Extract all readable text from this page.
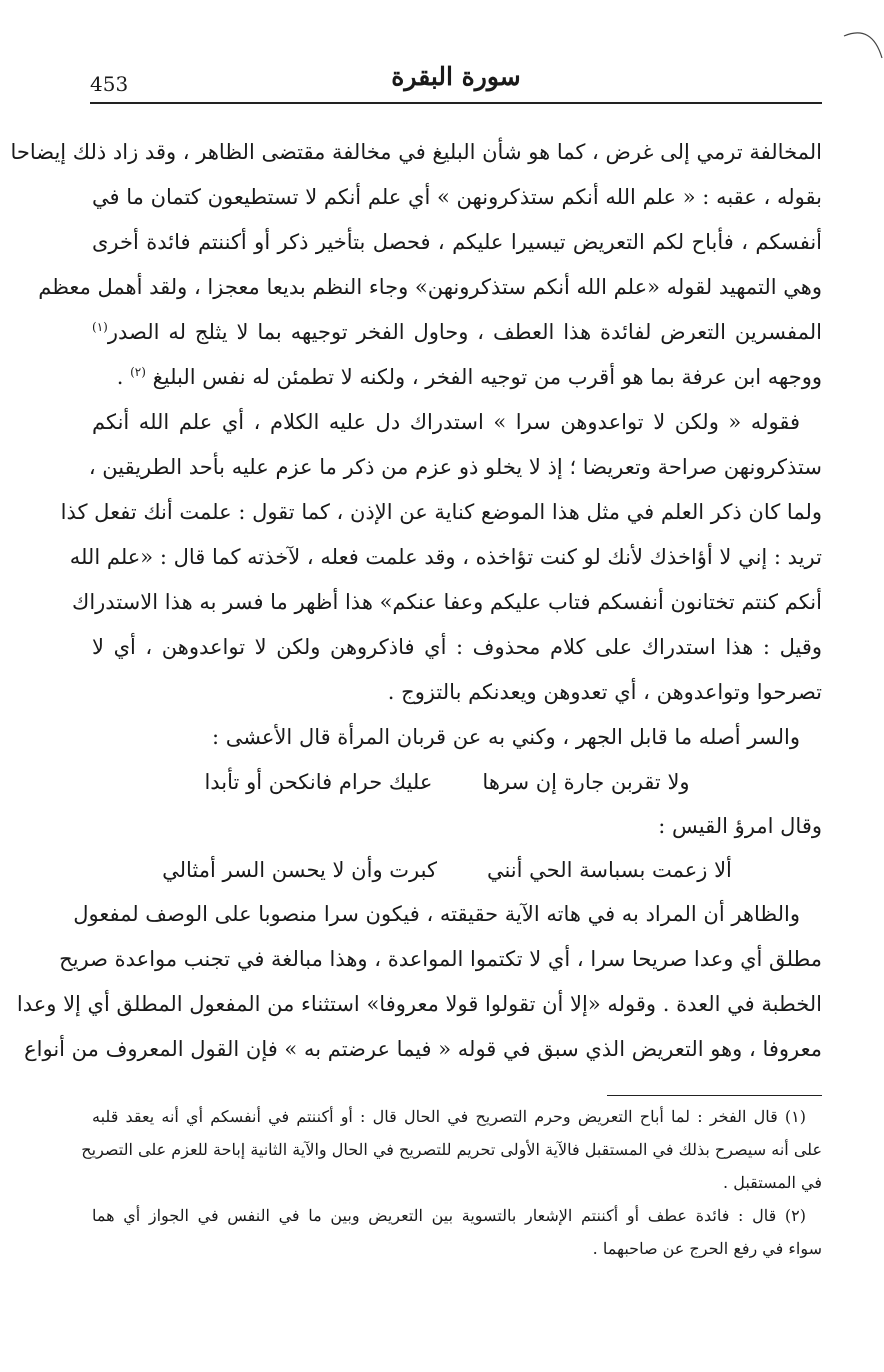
453	سورة البقرة
المخالفة ترمي إلى غرض ، كما هو شأن البليغ في مخالفة مقتضى الظاهر ، وقد زاد ذلك إيضاحا
بقوله ، عقبه : « علم الله أنكم ستذكرونهن » أي علم أنكم لا تستطيعون كتمان ما في
أنفسكم ، فأباح لكم التعريض تيسيرا عليكم ، فحصل بتأخير ذكر أو أكننتم فائدة أخرى
وهي التمهيد لقوله «علم الله أنكم ستذكرونهن» وجاء النظم بديعا معجزا ، ولقد أهمل معظم
المفسرين التعرض لفائدة هذا العطف ، وحاول الفخر توجيهه بما لا يثلج له الصدر$^{(١)}$
ووجهه ابن عرفة بما هو أقرب من توجيه الفخر ، ولكنه لا تطمئن له نفس البليغ $^{(٢)}$ .
فقوله « ولكن لا تواعدوهن سرا » استدراك دل عليه الكلام ، أي علم الله أنكم
ستذكرونهن صراحة وتعريضا ؛ إذ لا يخلو ذو عزم من ذكر ما عزم عليه بأحد الطريقين ،
ولما كان ذكر العلم في مثل هذا الموضع كناية عن الإذن ، كما تقول : علمت أنك تفعل كذا
تريد : إني لا أؤاخذك لأنك لو كنت تؤاخذه ، وقد علمت فعله ، لآخذته كما قال : «علم الله
أنكم كنتم تختانون أنفسكم فتاب عليكم وعفا عنكم» هذا أظهر ما فسر به هذا الاستدراك
وقيل : هذا استدراك على كلام محذوف : أي فاذكروهن ولكن لا تواعدوهن ، أي لا
تصرحوا وتواعدوهن ، أي تعدوهن ويعدنكم بالتزوج .
والسر أصله ما قابل الجهر ، وكني به عن قربان المرأة قال الأعشى :
ولا تقربن جارة إن سرها
عليك حرام فانكحن أو تأبدا
وقال امرؤ القيس :
ألا زعمت بسباسة الحي أنني
كبرت وأن لا يحسن السر أمثالي
والظاهر أن المراد به في هاته الآية حقيقته ، فيكون سرا منصوبا على الوصف لمفعول
مطلق أي وعدا صريحا سرا ، أي لا تكتموا المواعدة ، وهذا مبالغة في تجنب مواعدة صريح
الخطبة في العدة . وقوله «إلا أن تقولوا قولا معروفا» استثناء من المفعول المطلق أي إلا وعدا
معروفا ، وهو التعريض الذي سبق في قوله « فيما عرضتم به » فإن القول المعروف من أنواع
(١) قال الفخر : لما أباح التعريض وحرم التصريح في الحال قال : أو أكننتم في أنفسكم أي أنه يعقد قلبه
على أنه سيصرح بذلك في المستقبل فالآية الأولى تحريم للتصريح في الحال والآية الثانية إباحة للعزم على التصريح
في المستقبل .
(٢) قال : فائدة عطف أو أكننتم الإشعار بالتسوية بين التعريض وبين ما في النفس في الجواز أي هما
سواء في رفع الحرج عن صاحبهما .
